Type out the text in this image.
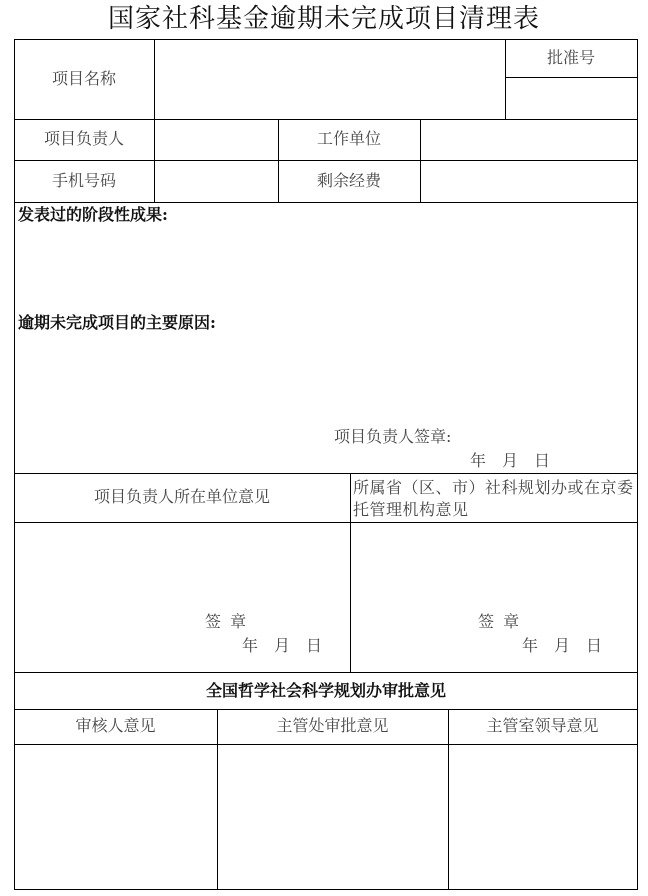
国家社科基金逾期未完成项目清理表
项目名称
批准号
项目负责人	工作单位
手机号码	剩余经费
发表过的阶段性成果:
逾期未完成项目的主要原因:
项目负责人签章:
年　月　日
项目负责人所在单位意见	所属省（区、市）社科规划办或在京委托管理机构意见
签 章
年　月　日
签 章
年　月　日
全国哲学社会科学规划办审批意见
审核人意见	主管处审批意见	主管室领导意见
